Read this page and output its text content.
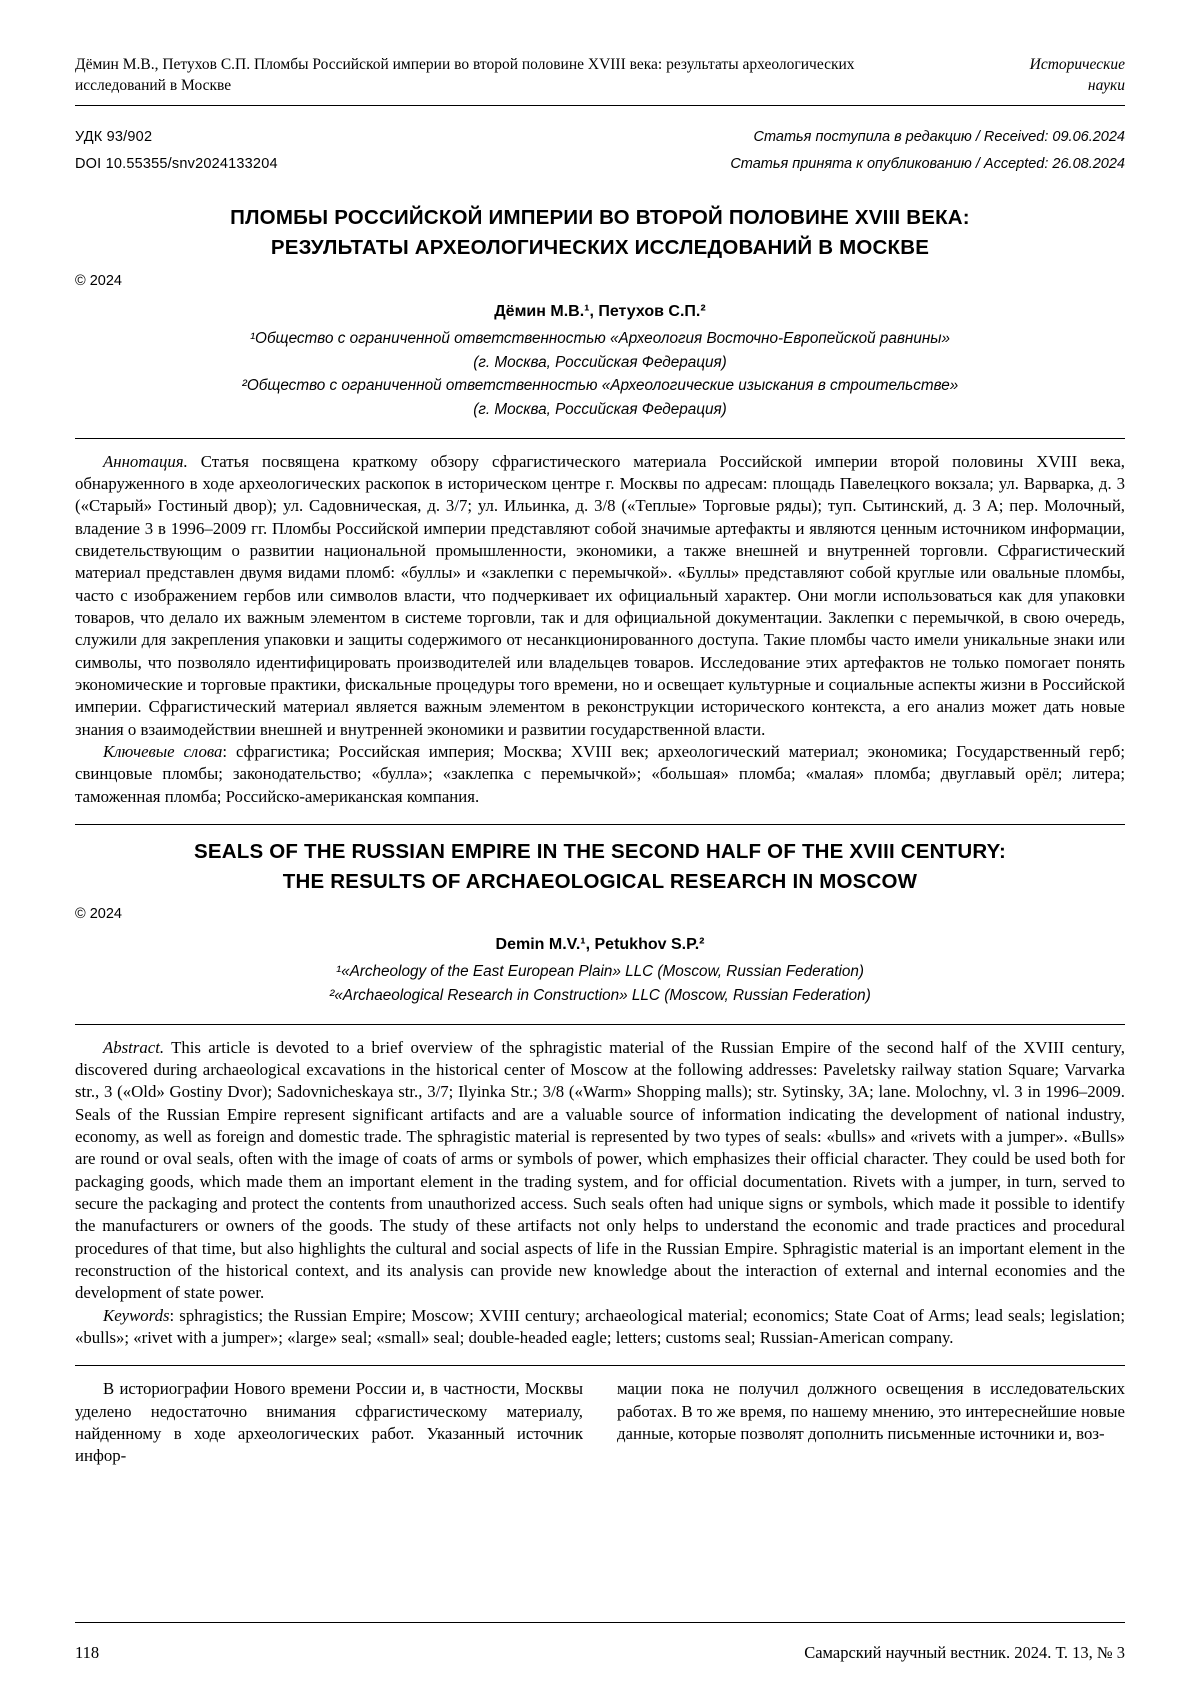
Дёмин М.В., Петухов С.П. Пломбы Российской империи во второй половине XVIII века: результаты археологических исследований в Москве
Исторические
науки
УДК 93/902
DOI 10.55355/snv2024133204
Статья поступила в редакцию / Received: 09.06.2024
Статья принята к опубликованию / Accepted: 26.08.2024
ПЛОМБЫ РОССИЙСКОЙ ИМПЕРИИ ВО ВТОРОЙ ПОЛОВИНЕ XVIII ВЕКА:
РЕЗУЛЬТАТЫ АРХЕОЛОГИЧЕСКИХ ИССЛЕДОВАНИЙ В МОСКВЕ
© 2024
Дёмин М.В.¹, Петухов С.П.²
¹Общество с ограниченной ответственностью «Археология Восточно-Европейской равнины»
(г. Москва, Российская Федерация)
²Общество с ограниченной ответственностью «Археологические изыскания в строительстве»
(г. Москва, Российская Федерация)

Аннотация. Статья посвящена краткому обзору сфрагистического материала Российской империи второй половины XVIII века, обнаруженного в ходе археологических раскопок в историческом центре г. Москвы по адресам: площадь Павелецкого вокзала; ул. Варварка, д. 3 («Старый» Гостиный двор); ул. Садовническая, д. 3/7; ул. Ильинка, д. 3/8 («Теплые» Торговые ряды); туп. Сытинский, д. 3 А; пер. Молочный, владение 3 в 1996–2009 гг. Пломбы Российской империи представляют собой значимые артефакты и являются ценным источником информации, свидетельствующим о развитии национальной промышленности, экономики, а также внешней и внутренней торговли. Сфрагистический материал представлен двумя видами пломб: «буллы» и «заклепки с перемычкой». «Буллы» представляют собой круглые или овальные пломбы, часто с изображением гербов или символов власти, что подчеркивает их официальный характер. Они могли использоваться как для упаковки товаров, что делало их важным элементом в системе торговли, так и для официальной документации. Заклепки с перемычкой, в свою очередь, служили для закрепления упаковки и защиты содержимого от несанкционированного доступа. Такие пломбы часто имели уникальные знаки или символы, что позволяло идентифицировать производителей или владельцев товаров. Исследование этих артефактов не только помогает понять экономические и торговые практики, фискальные процедуры того времени, но и освещает культурные и социальные аспекты жизни в Российской империи. Сфрагистический материал является важным элементом в реконструкции исторического контекста, а его анализ может дать новые знания о взаимодействии внешней и внутренней экономики и развитии государственной власти.

Ключевые слова: сфрагистика; Российская империя; Москва; XVIII век; археологический материал; экономика; Государственный герб; свинцовые пломбы; законодательство; «булла»; «заклепка с перемычкой»; «большая» пломба; «малая» пломба; двуглавый орёл; литера; таможенная пломба; Российско-американская компания.

SEALS OF THE RUSSIAN EMPIRE IN THE SECOND HALF OF THE XVIII CENTURY:
THE RESULTS OF ARCHAEOLOGICAL RESEARCH IN MOSCOW
© 2024
Demin M.V.¹, Petukhov S.P.²
¹«Archeology of the East European Plain» LLC (Moscow, Russian Federation)
²«Archaeological Research in Construction» LLC (Moscow, Russian Federation)

Abstract. This article is devoted to a brief overview of the sphragistic material of the Russian Empire of the second half of the XVIII century, discovered during archaeological excavations in the historical center of Moscow at the following addresses: Paveletsky railway station Square; Varvarka str., 3 («Old» Gostiny Dvor); Sadovnicheskaya str., 3/7; Ilyinka Str.; 3/8 («Warm» Shopping malls); str. Sytinsky, 3A; lane. Molochny, vl. 3 in 1996–2009. Seals of the Russian Empire represent significant artifacts and are a valuable source of information indicating the development of national industry, economy, as well as foreign and domestic trade. The sphragistic material is represented by two types of seals: «bulls» and «rivets with a jumper». «Bulls» are round or oval seals, often with the image of coats of arms or symbols of power, which emphasizes their official character. They could be used both for packaging goods, which made them an important element in the trading system, and for official documentation. Rivets with a jumper, in turn, served to secure the packaging and protect the contents from unauthorized access. Such seals often had unique signs or symbols, which made it possible to identify the manufacturers or owners of the goods. The study of these artifacts not only helps to understand the economic and trade practices and procedural procedures of that time, but also highlights the cultural and social aspects of life in the Russian Empire. Sphragistic material is an important element in the reconstruction of the historical context, and its analysis can provide new knowledge about the interaction of external and internal economies and the development of state power.

Keywords: sphragistics; the Russian Empire; Moscow; XVIII century; archaeological material; economics; State Coat of Arms; lead seals; legislation; «bulls»; «rivet with a jumper»; «large» seal; «small» seal; double-headed eagle; letters; customs seal; Russian-American company.

В историографии Нового времени России и, в частности, Москвы уделено недостаточно внимания сфрагистическому материалу, найденному в ходе археологических работ. Указанный источник инфор-

мации пока не получил должного освещения в исследовательских работах. В то же время, по нашему мнению, это интереснейшие новые данные, которые позволят дополнить письменные источники и, воз-

118	Самарский научный вестник. 2024. Т. 13, № 3
